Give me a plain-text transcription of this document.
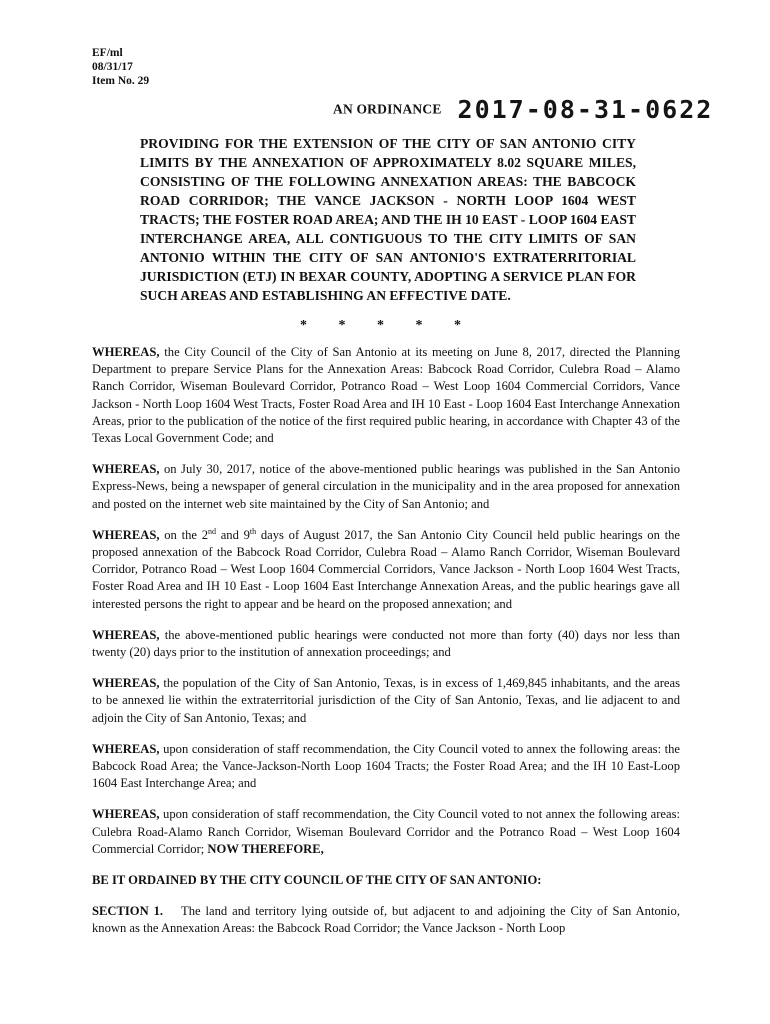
EF/ml
08/31/17
Item No. 29
AN ORDINANCE 2017-08-31-0622
PROVIDING FOR THE EXTENSION OF THE CITY OF SAN ANTONIO CITY LIMITS BY THE ANNEXATION OF APPROXIMATELY 8.02 SQUARE MILES, CONSISTING OF THE FOLLOWING ANNEXATION AREAS: THE BABCOCK ROAD CORRIDOR; THE VANCE JACKSON - NORTH LOOP 1604 WEST TRACTS; THE FOSTER ROAD AREA; AND THE IH 10 EAST - LOOP 1604 EAST INTERCHANGE AREA, ALL CONTIGUOUS TO THE CITY LIMITS OF SAN ANTONIO WITHIN THE CITY OF SAN ANTONIO'S EXTRATERRITORIAL JURISDICTION (ETJ) IN BEXAR COUNTY, ADOPTING A SERVICE PLAN FOR SUCH AREAS AND ESTABLISHING AN EFFECTIVE DATE.
* * * * *

WHEREAS, the City Council of the City of San Antonio at its meeting on June 8, 2017, directed the Planning Department to prepare Service Plans for the Annexation Areas: Babcock Road Corridor, Culebra Road – Alamo Ranch Corridor, Wiseman Boulevard Corridor, Potranco Road – West Loop 1604 Commercial Corridors, Vance Jackson - North Loop 1604 West Tracts, Foster Road Area and IH 10 East - Loop 1604 East Interchange Annexation Areas, prior to the publication of the notice of the first required public hearing, in accordance with Chapter 43 of the Texas Local Government Code; and

WHEREAS, on July 30, 2017, notice of the above-mentioned public hearings was published in the San Antonio Express-News, being a newspaper of general circulation in the municipality and in the area proposed for annexation and posted on the internet web site maintained by the City of San Antonio; and

WHEREAS, on the 2nd and 9th days of August 2017, the San Antonio City Council held public hearings on the proposed annexation of the Babcock Road Corridor, Culebra Road – Alamo Ranch Corridor, Wiseman Boulevard Corridor, Potranco Road – West Loop 1604 Commercial Corridors, Vance Jackson - North Loop 1604 West Tracts, Foster Road Area and IH 10 East - Loop 1604 East Interchange Annexation Areas, and the public hearings gave all interested persons the right to appear and be heard on the proposed annexation; and

WHEREAS, the above-mentioned public hearings were conducted not more than forty (40) days nor less than twenty (20) days prior to the institution of annexation proceedings; and

WHEREAS, the population of the City of San Antonio, Texas, is in excess of 1,469,845 inhabitants, and the areas to be annexed lie within the extraterritorial jurisdiction of the City of San Antonio, Texas, and lie adjacent to and adjoin the City of San Antonio, Texas; and

WHEREAS, upon consideration of staff recommendation, the City Council voted to annex the following areas: the Babcock Road Area; the Vance-Jackson-North Loop 1604 Tracts; the Foster Road Area; and the IH 10 East-Loop 1604 East Interchange Area; and

WHEREAS, upon consideration of staff recommendation, the City Council voted to not annex the following areas: Culebra Road-Alamo Ranch Corridor, Wiseman Boulevard Corridor and the Potranco Road – West Loop 1604 Commercial Corridor; NOW THEREFORE,

BE IT ORDAINED BY THE CITY COUNCIL OF THE CITY OF SAN ANTONIO:

SECTION 1. The land and territory lying outside of, but adjacent to and adjoining the City of San Antonio, known as the Annexation Areas: the Babcock Road Corridor; the Vance Jackson - North Loop
